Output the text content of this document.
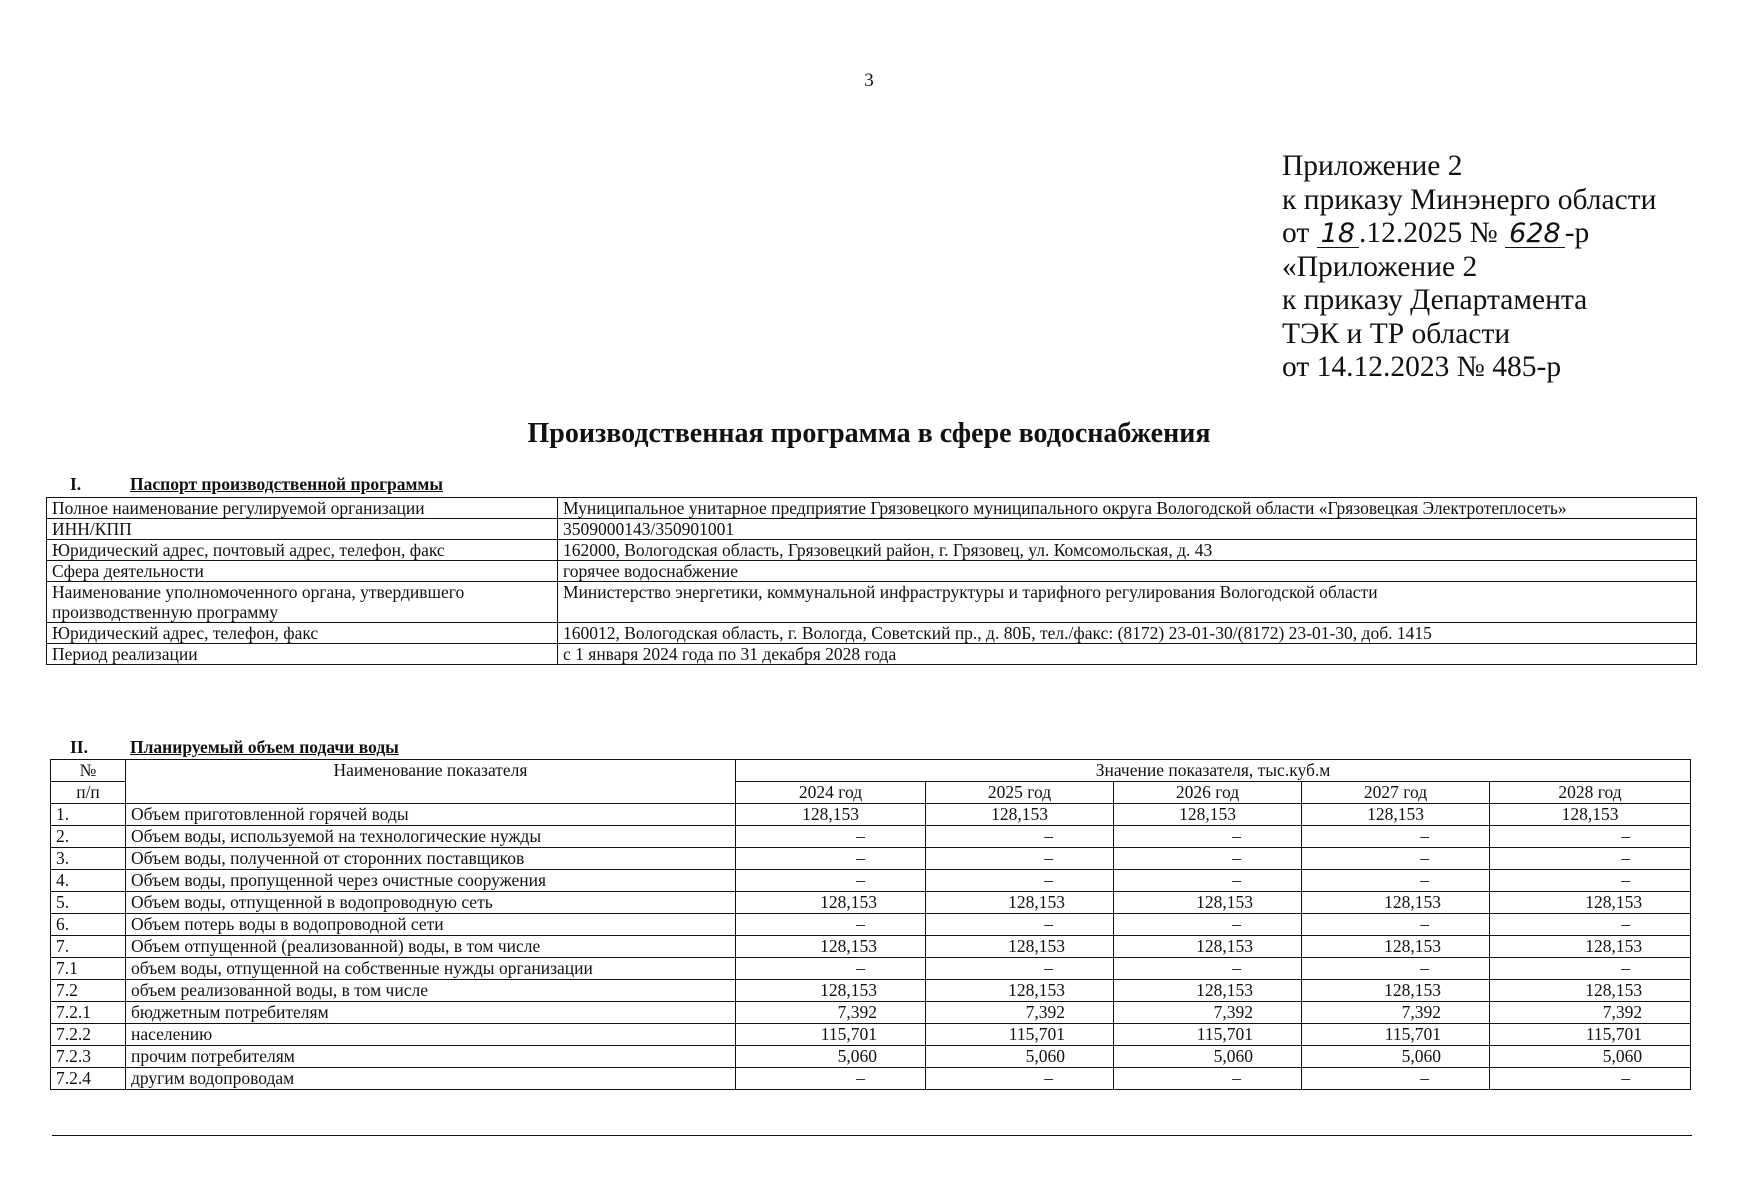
3
Приложение 2
к приказу Минэнерго области
от 18 .12.2025 № 628 -р
«Приложение 2
к приказу Департамента
ТЭК и ТР области
от 14.12.2023 № 485-р
Производственная программа в сфере водоснабжения
I.	Паспорт производственной программы
Полное наименование регулируемой организации	Муниципальное унитарное предприятие Грязовецкого муниципального округа Вологодской области «Грязовецкая Электротеплосеть»
ИНН/КПП	3509000143/350901001
Юридический адрес, почтовый адрес, телефон, факс	162000, Вологодская область, Грязовецкий район, г. Грязовец, ул. Комсомольская, д. 43
Сфера деятельности	горячее водоснабжение
Наименование уполномоченного органа, утвердившего производственную программу	Министерство энергетики, коммунальной инфраструктуры и тарифного регулирования Вологодской области
Юридический адрес, телефон, факс	160012, Вологодская область, г. Вологда, Советский пр., д. 80Б, тел./факс: (8172) 23-01-30/(8172) 23-01-30, доб. 1415
Период реализации	с 1 января 2024 года по 31 декабря 2028 года
II. Планируемый объем подачи воды
№	Наименование показателя	Значение показателя, тыс.куб.м				
п/п		2024 год	2025 год	2026 год	2027 год	2028 год
1.	Объем приготовленной горячей воды	128,153	128,153	128,153	128,153	128,153
2.	Объем воды, используемой на технологические нужды	–	–	–	–	–
3.	Объем воды, полученной от сторонних поставщиков	–	–	–	–	–
4.	Объем воды, пропущенной через очистные сооружения	–	–	–	–	–
5.	Объем воды, отпущенной в водопроводную сеть	128,153	128,153	128,153	128,153	128,153
6.	Объем потерь воды в водопроводной сети	–	–	–	–	–
7.	Объем отпущенной (реализованной) воды, в том числе	128,153	128,153	128,153	128,153	128,153
7.1	объем воды, отпущенной на собственные нужды организации	–	–	–	–	–
7.2	объем реализованной воды, в том числе	128,153	128,153	128,153	128,153	128,153
7.2.1	бюджетным потребителям	7,392	7,392	7,392	7,392	7,392
7.2.2	населению	115,701	115,701	115,701	115,701	115,701
7.2.3	прочим потребителям	5,060	5,060	5,060	5,060	5,060
7.2.4	другим водопроводам	–	–	–	–	–
